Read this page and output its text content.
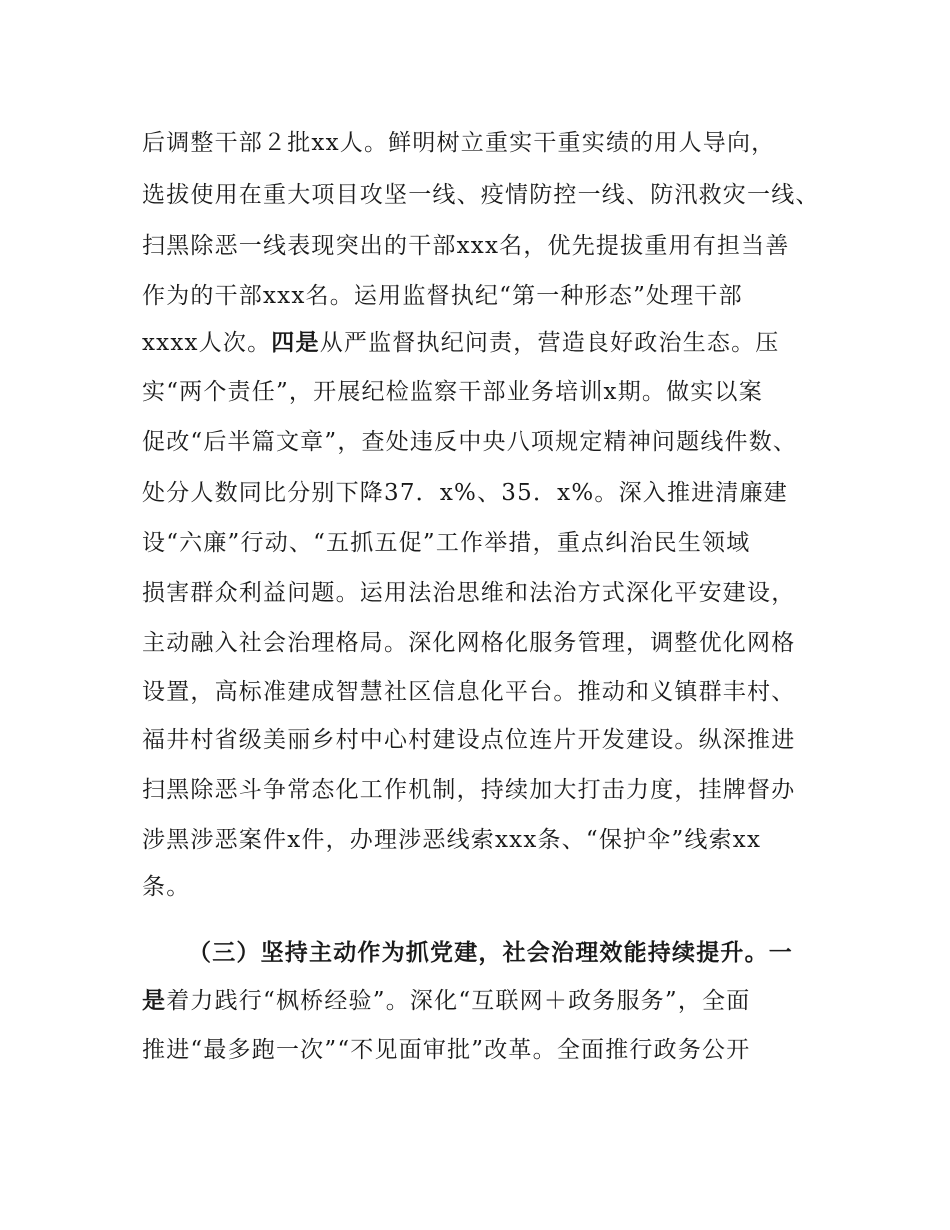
后调整干部２批xx人。鲜明树立重实干重实绩的用人导向，
选拔使用在重大项目攻坚一线、疫情防控一线、防汛救灾一线、
扫黑除恶一线表现突出的干部xxx名，优先提拔重用有担当善
作为的干部xxx名。运用监督执纪“第一种形态”处理干部
xxxx人次。四是从严监督执纪问责，营造良好政治生态。压
实“两个责任”，开展纪检监察干部业务培训x期。做实以案
促改“后半篇文章”，查处违反中央八项规定精神问题线件数、
处分人数同比分别下降37．x%、35．x%。深入推进清廉建
设“六廉”行动、“五抓五促”工作举措，重点纠治民生领域
损害群众利益问题。运用法治思维和法治方式深化平安建设，
主动融入社会治理格局。深化网格化服务管理，调整优化网格
设置，高标准建成智慧社区信息化平台。推动和义镇群丰村、
福井村省级美丽乡村中心村建设点位连片开发建设。纵深推进
扫黑除恶斗争常态化工作机制，持续加大打击力度，挂牌督办
涉黑涉恶案件x件，办理涉恶线索xxx条、“保护伞”线索xx
条。
（三）坚持主动作为抓党建，社会治理效能持续提升。一
是着力践行“枫桥经验”。深化“互联网＋政务服务”，全面
推进“最多跑一次”“不见面审批”改革。全面推行政务公开
